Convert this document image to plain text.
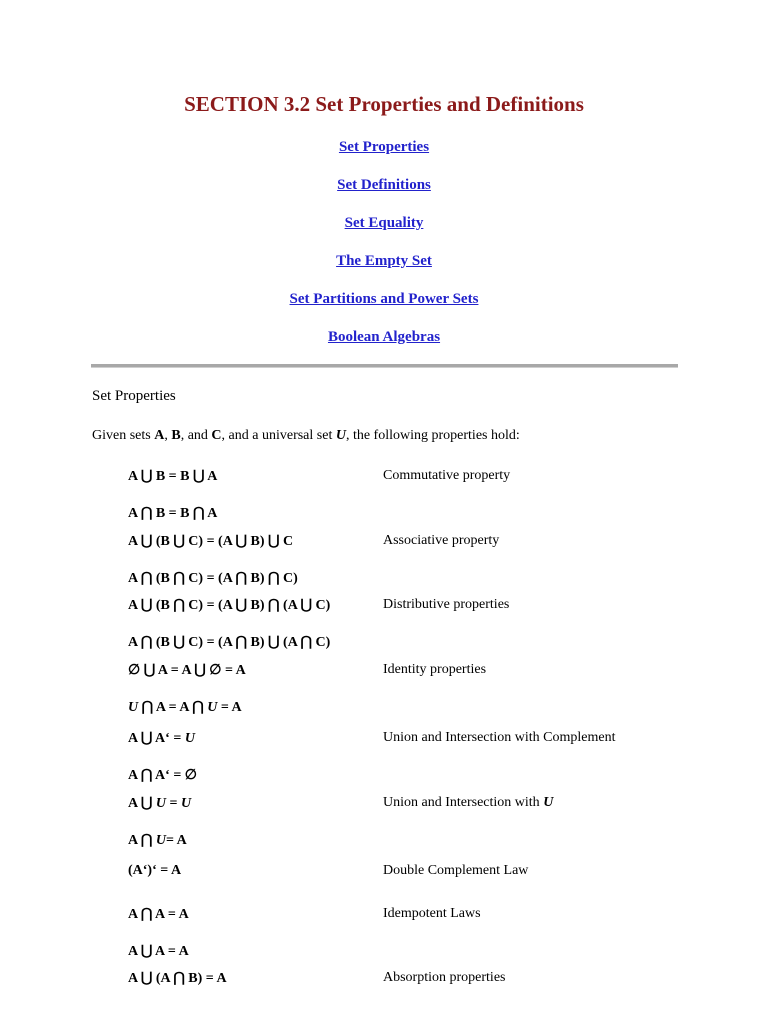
SECTION 3.2 Set Properties and Definitions
Set Properties
Set Definitions
Set Equality
The Empty Set
Set Partitions and Power Sets
Boolean Algebras
Set Properties
Given sets A, B, and C, and a universal set U, the following properties hold:
A ⋃ B = B ⋃ A
A ⋂ B = B ⋂ A
Commutative property
A ⋃ (B ⋃ C) = (A ⋃ B) ⋃ C
A ⋂ (B ⋂ C) = (A ⋂ B) ⋂ C)
Associative property
A ⋃ (B ⋂ C) = (A ⋃ B) ⋂ (A ⋃ C)
A ⋂ (B ⋃ C) = (A ⋂ B) ⋃ (A ⋂ C)
Distributive properties
∅ ⋃ A = A ⋃ ∅ = A
U ⋂ A = A ⋂ U = A
Identity properties
A ⋃ A‘ = U
A ⋂ A‘ = ∅
Union and Intersection with Complement
A ⋃ U = U
A ⋂ U= A
Union and Intersection with U
(A‘)‘ = A	Double Complement Law
A ⋂ A = A
A ⋃ A = A
Idempotent Laws
A ⋃ (A ⋂ B) = A	Absorption properties
